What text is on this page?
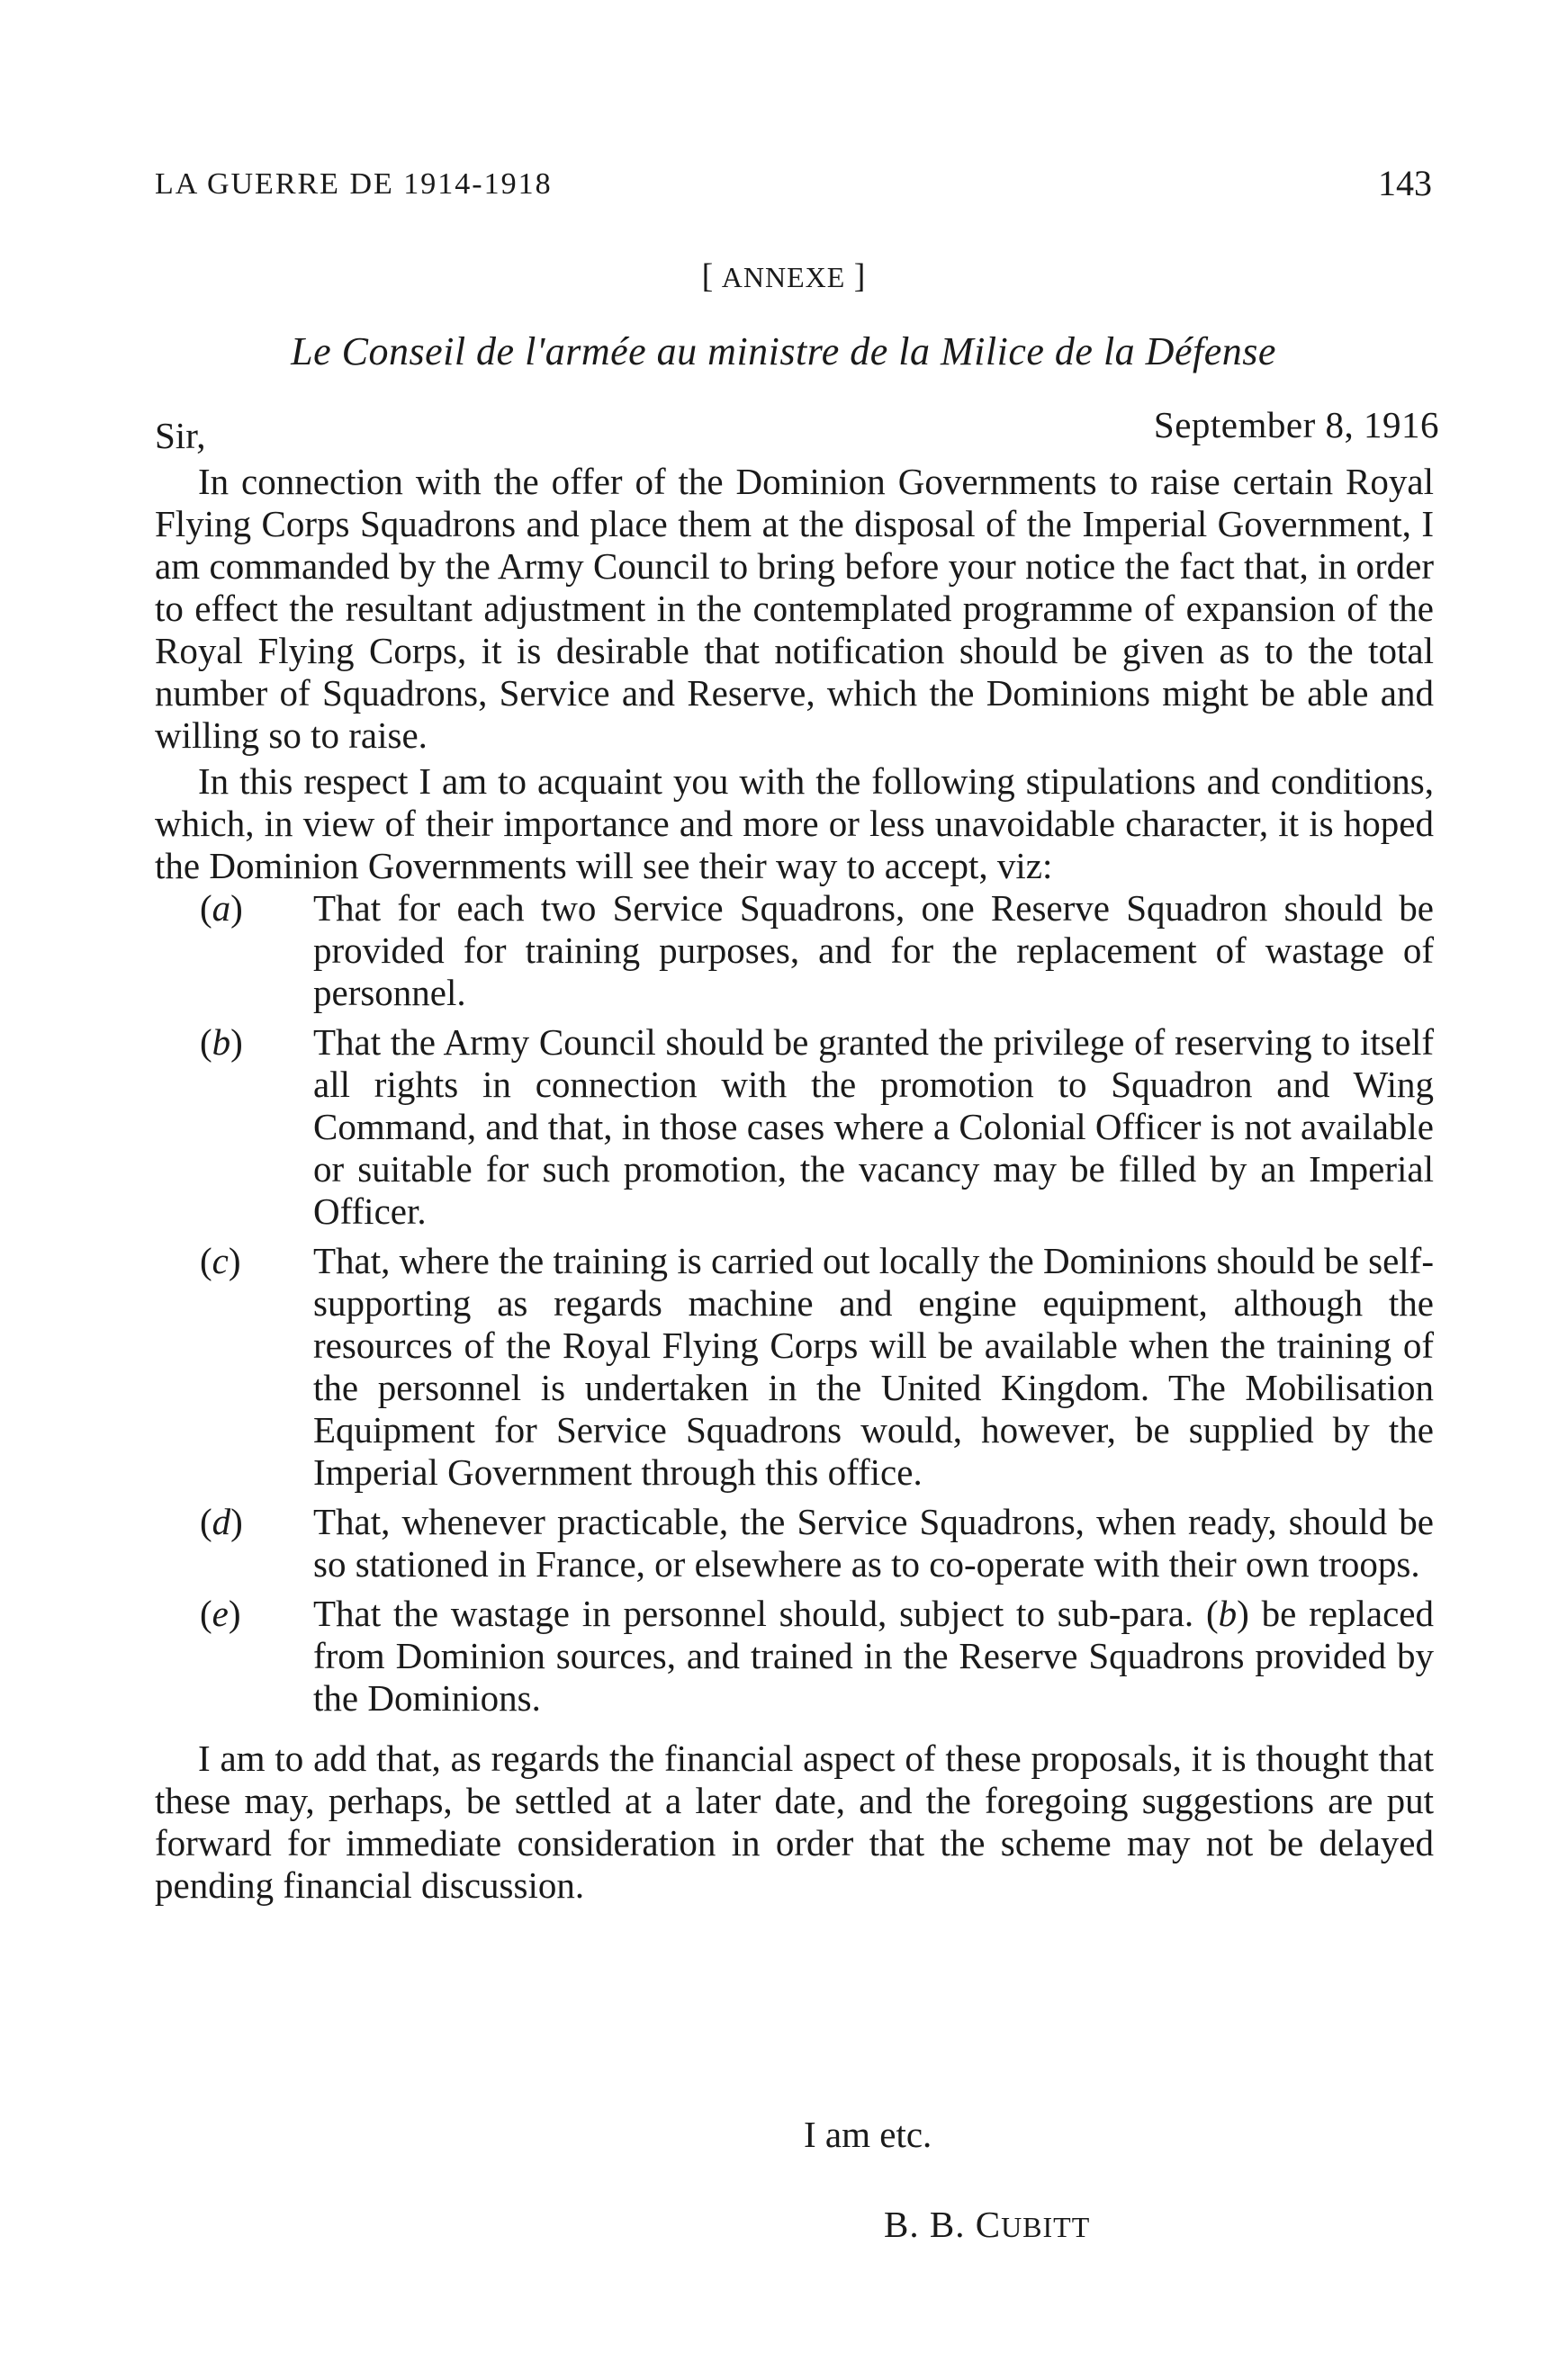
LA GUERRE DE 1914-1918	143
[ ANNEXE ]
Le Conseil de l'armée au ministre de la Milice de la Défense
Sir,	September 8, 1916

In connection with the offer of the Dominion Governments to raise certain Royal Flying Corps Squadrons and place them at the disposal of the Imperial Government, I am commanded by the Army Council to bring before your notice the fact that, in order to effect the resultant adjustment in the contemplated programme of expansion of the Royal Flying Corps, it is desirable that notification should be given as to the total number of Squadrons, Service and Reserve, which the Dominions might be able and willing so to raise.

In this respect I am to acquaint you with the following stipulations and conditions, which, in view of their importance and more or less unavoidable character, it is hoped the Dominion Governments will see their way to accept, viz:

(a) That for each two Service Squadrons, one Reserve Squadron should be provided for training purposes, and for the replacement of wastage of personnel.
(b) That the Army Council should be granted the privilege of reserving to itself all rights in connection with the promotion to Squadron and Wing Command, and that, in those cases where a Colonial Officer is not available or suitable for such promotion, the vacancy may be filled by an Imperial Officer.
(c) That, where the training is carried out locally the Dominions should be self-supporting as regards machine and engine equipment, although the resources of the Royal Flying Corps will be available when the training of the personnel is undertaken in the United Kingdom. The Mobilisation Equipment for Service Squadrons would, however, be supplied by the Imperial Government through this office.
(d) That, whenever practicable, the Service Squadrons, when ready, should be so stationed in France, or elsewhere as to co-operate with their own troops.
(e) That the wastage in personnel should, subject to sub-para. (b) be replaced from Dominion sources, and trained in the Reserve Squadrons provided by the Dominions.

I am to add that, as regards the financial aspect of these proposals, it is thought that these may, perhaps, be settled at a later date, and the foregoing suggestions are put forward for immediate consideration in order that the scheme may not be delayed pending financial discussion.

I am etc.
B. B. CUBITT
